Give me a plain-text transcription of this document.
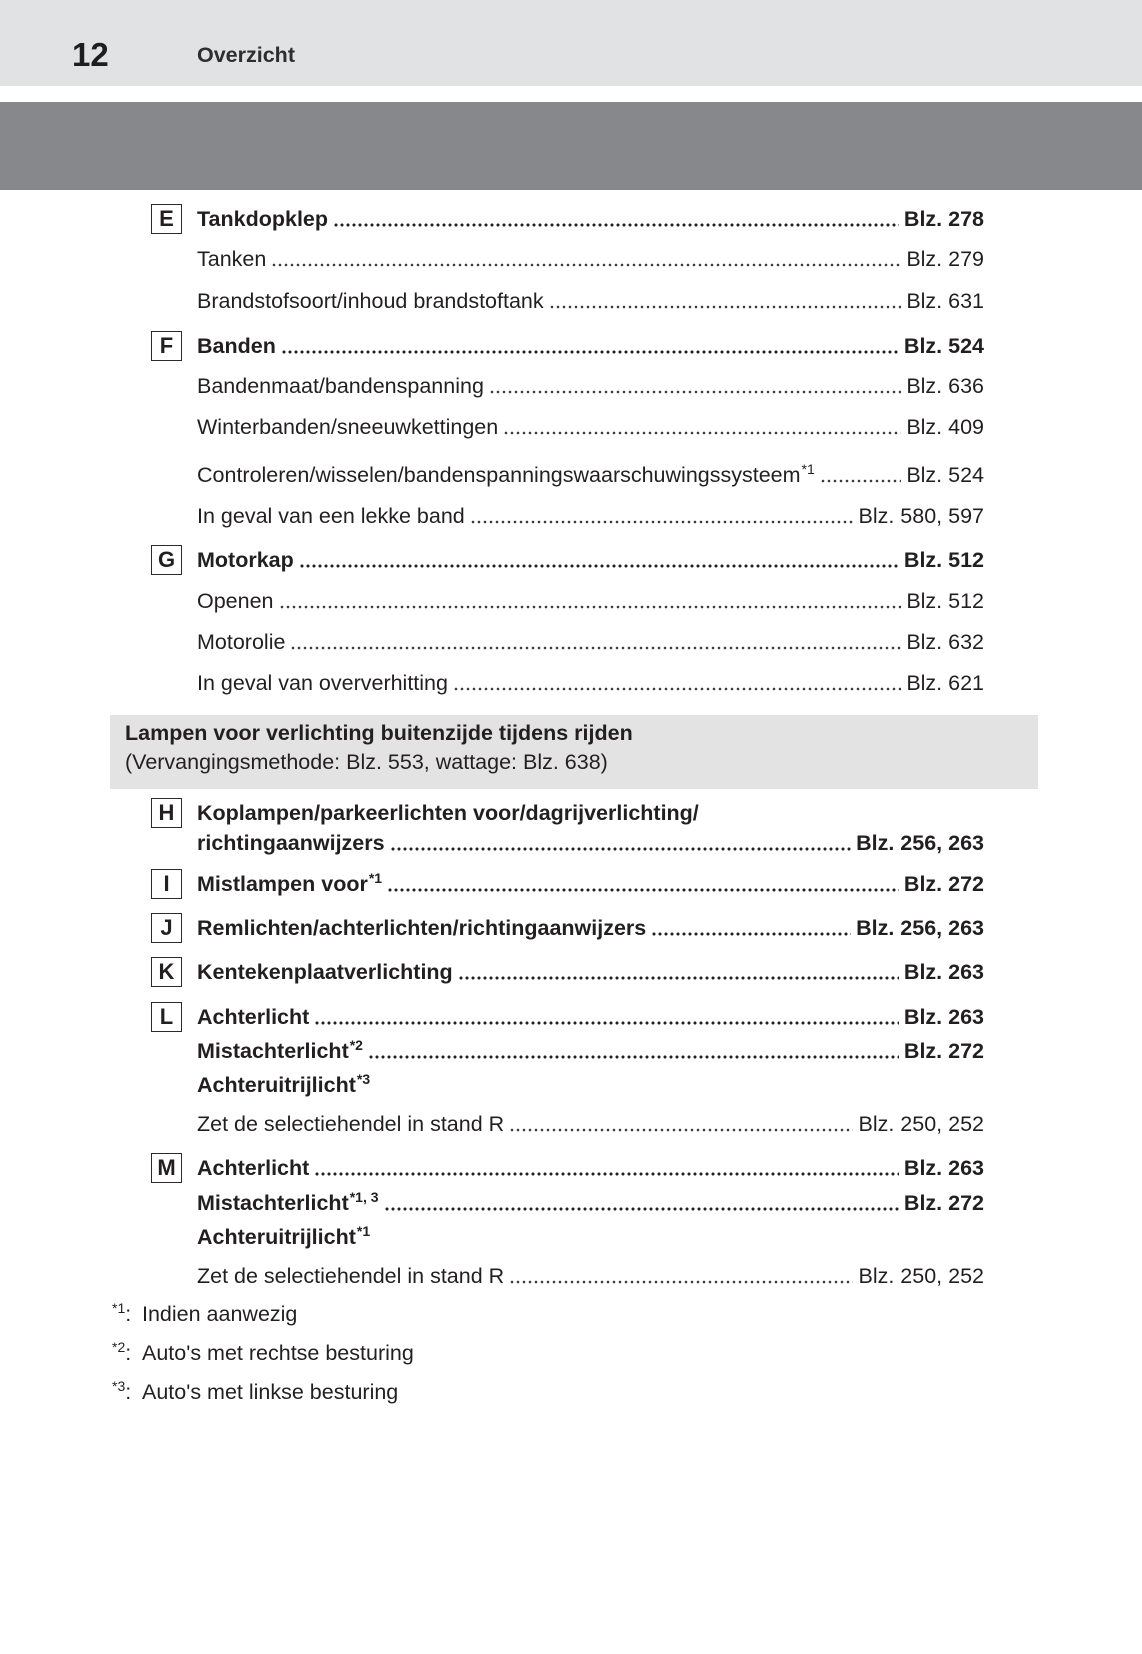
12	Overzicht
E	Tankdopklep	Blz. 278
Tanken	Blz. 279
Brandstofsoort/inhoud brandstoftank	Blz. 631
F	Banden	Blz. 524
Bandenmaat/bandenspanning	Blz. 636
Winterbanden/sneeuwkettingen	Blz. 409
Controleren/wisselen/bandenspanningswaarschuwingssysteem$^{*1}$	Blz. 524
In geval van een lekke band	Blz. 580, 597
G	Motorkap	Blz. 512
Openen	Blz. 512
Motorolie	Blz. 632
In geval van oververhitting	Blz. 621
Lampen voor verlichting buitenzijde tijdens rijden
(Vervangingsmethode: Blz. 553, wattage: Blz. 638)
H	Koplampen/parkeerlichten voor/dagrijverlichting/
richtingaanwijzers	Blz. 256, 263
I	Mistlampen voor$^{*1}$	Blz. 272
J	Remlichten/achterlichten/richtingaanwijzers	Blz. 256, 263
K	Kentekenplaatverlichting	Blz. 263
L	Achterlicht	Blz. 263
Mistachterlicht$^{*2}$	Blz. 272
Achteruitrijlicht$^{*3}$
Zet de selectiehendel in stand R	Blz. 250, 252
M Achterlicht	Blz. 263
Mistachterlicht$^{*1, 3}$	Blz. 272
Achteruitrijlicht$^{*1}$
Zet de selectiehendel in stand R	Blz. 250, 252
$^{*1}$: Indien aanwezig
$^{*2}$: Auto's met rechtse besturing
$^{*3}$: Auto's met linkse besturing
